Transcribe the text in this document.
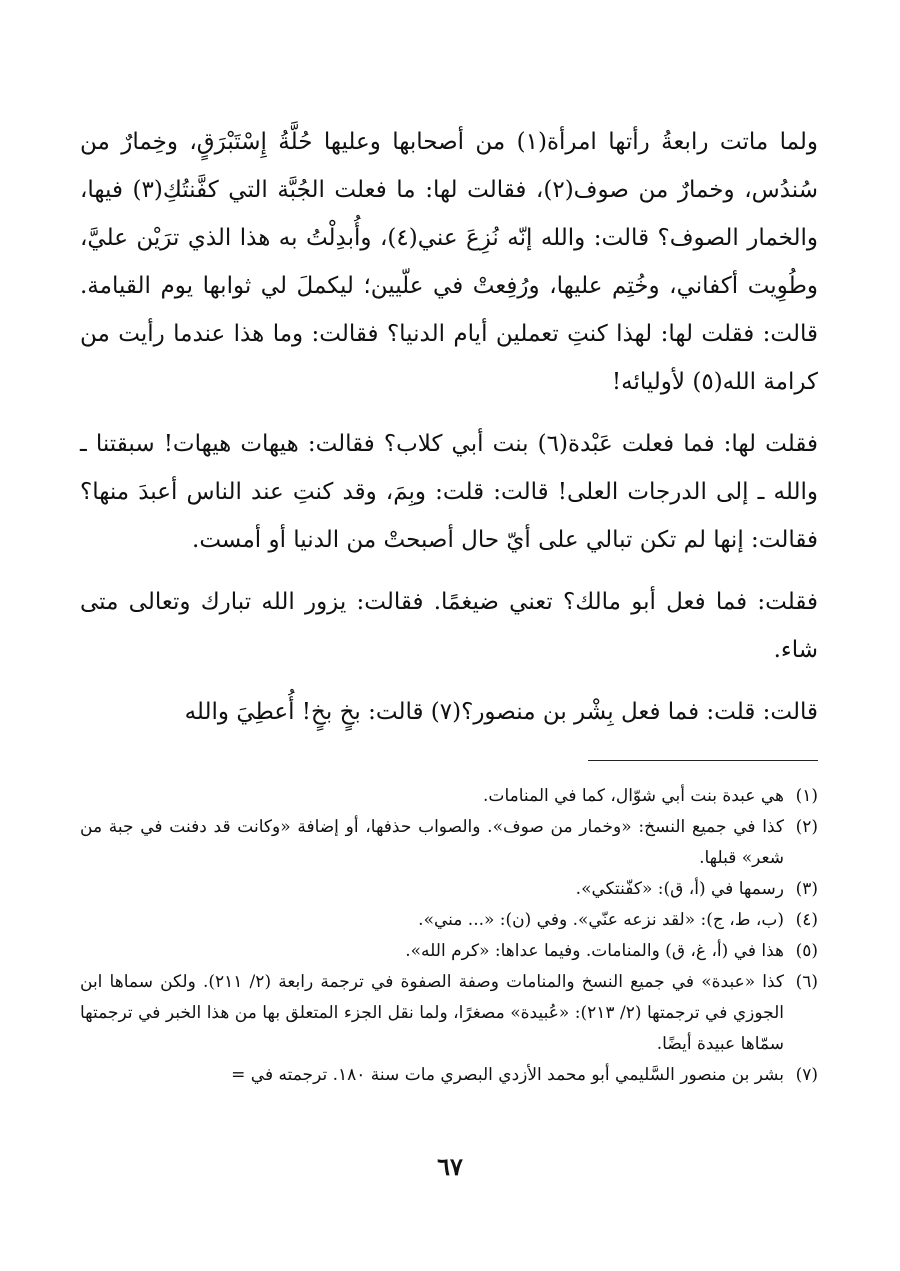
ولما ماتت رابعةُ رأتها امرأة(١) من أصحابها وعليها حُلَّةُ إِسْتَبْرَقٍ، وخِمارٌ من سُندُس، وخمارٌ من صوف(٢)، فقالت لها: ما فعلت الجُبَّة التي كفَّنتُكِ(٣) فيها، والخمار الصوف؟ قالت: والله إنّه نُزِعَ عني(٤)، وأُبدِلْتُ به هذا الذي ترَيْن عليَّ، وطُوِيت أكفاني، وخُتِم عليها، ورُفِعتْ في علّيين؛ ليكملَ لي ثوابها يوم القيامة. قالت: فقلت لها: لهذا كنتِ تعملين أيام الدنيا؟ فقالت: وما هذا عندما رأيت من كرامة الله(٥) لأوليائه!

فقلت لها: فما فعلت عَبْدة(٦) بنت أبي كلاب؟ فقالت: هيهات هيهات! سبقتنا ـ والله ـ إلى الدرجات العلى! قالت: قلت: وبِمَ، وقد كنتِ عند الناس أعبدَ منها؟ فقالت: إنها لم تكن تبالي على أيّ حال أصبحتْ من الدنيا أو أمست.

فقلت: فما فعل أبو مالك؟ تعني ضيغمًا. فقالت: يزور الله تبارك وتعالى متى شاء.

قالت: قلت: فما فعل بِشْر بن منصور؟(٧) قالت: بخٍ بخٍ! أُعطِيَ والله

(١)
هي عبدة بنت أبي شوّال، كما في المنامات.
(٢)
كذا في جميع النسخ: «وخمار من صوف». والصواب حذفها، أو إضافة «وكانت قد دفنت في جبة من شعر» قبلها.
(٣)
رسمها في (أ، ق): «كفّنتكي».
(٤)
(ب، ط، ج): «لقد نزعه عنّي». وفي (ن): «... مني».
(٥)
هذا في (أ، غ، ق) والمنامات. وفيما عداها: «كرم الله».
(٦)
كذا «عبدة» في جميع النسخ والمنامات وصفة الصفوة في ترجمة رابعة (٢/ ٢١١). ولكن سماها ابن الجوزي في ترجمتها (٢/ ٢١٣): «عُبيدة» مصغرًا، ولما نقل الجزء المتعلق بها من هذا الخبر في ترجمتها سمّاها عبيدة أيضًا.
(٧)
بشر بن منصور السَّليمي أبو محمد الأزدي البصري مات سنة ١٨٠. ترجمته في =
٦٧
